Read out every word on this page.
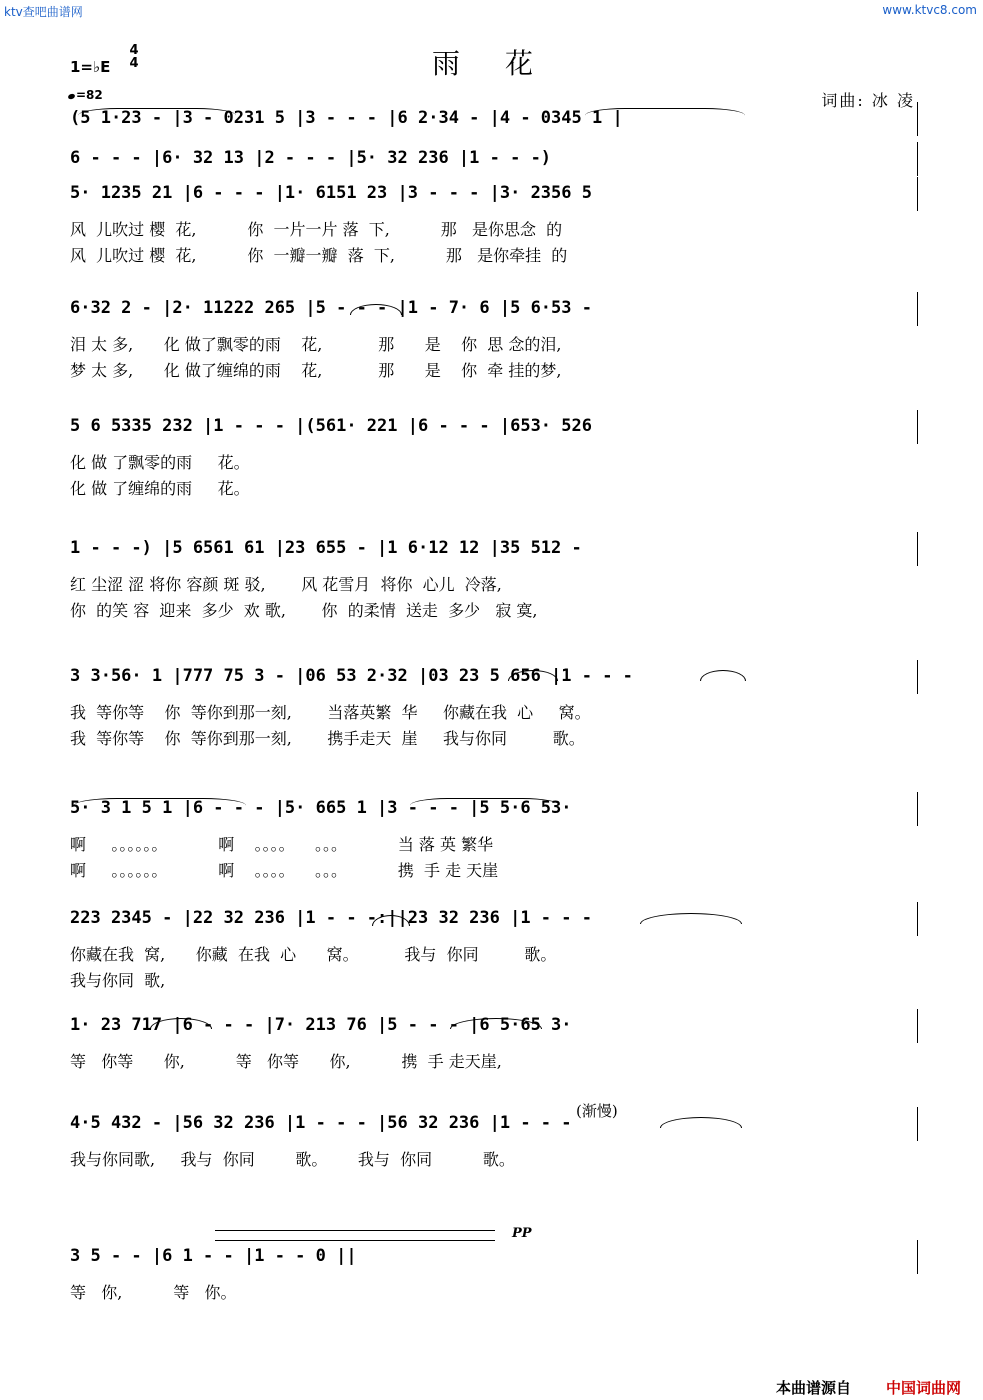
ktv查吧曲谱网	www.ktvc8.com
1=♭E
4
4
=82
雨 花
词曲: 冰 凌
(5 1·23 - |3 - 0231 5 |3 - - - |6 2·34 - |4 - 0345 1 |
6 - - - |6· 32 13 |2 - - - |5· 32 236 |1 - - -)
5· 1235 21 |6 - - - |1· 6151 23 |3 - - - |3· 2356 5
风  儿吹过 樱  花,          你  一片一片 落  下,          那   是你思念  的
风  儿吹过 樱  花,          你  一瓣一瓣  落  下,          那   是你牵挂  的
6·32 2 - |2· 11222 265 |5 - - - |1 - 7· 6 |5 6·53 -
泪 太 多,      化 做了飘零的雨    花,           那      是    你  思 念的泪,
梦 太 多,      化 做了缠绵的雨    花,           那      是    你  牵 挂的梦,
5 6 5335 232 |1 - - - |(561· 221 |6 - - - |653· 526
化 做 了飘零的雨     花。
化 做 了缠绵的雨     花。
1 - - -) |5 6561 61 |23 655 - |1 6·12 12 |35 512 -
红 尘涩 涩 将你 容颜 斑 驳,       风 花雪月  将你  心儿  冷落,
你  的笑 容  迎来  多少  欢 歌,       你  的柔情  送走  多少   寂 寞,
3 3·56· 1 |777 75 3 - |06 53 2·32 |03 23 5 656 |1 - - -
我  等你等    你  等你到那一刻,       当落英繁  华     你藏在我  心     窝。
我  等你等    你  等你到那一刻,       携手走天  崖     我与你同         歌。
5· 3 1 5 1 |6 - - - |5· 665 1 |3 - - - |5 5·6 53·
啊     。。。。。。          啊    。。。。    。。。          当 落 英 繁华
啊     。。。。。。          啊    。。。。    。。。          携  手 走 天崖
223 2345 - |22 32 236 |1 - - -:||23 32 236 |1 - - -
你藏在我  窝,      你藏  在我  心      窝。         我与  你同         歌。
我与你同  歌,
1· 23 717 |6 - - - |7· 213 76 |5 - - - |6 5·65 3·
等   你等      你,          等   你等      你,          携  手 走天崖,
4·5 432 - |56 32 236 |1 - - - |56 32 236 |1 - - -
我与你同歌,     我与  你同        歌。      我与  你同          歌。
3 5 - - |6 1 - - |1 - - 0 ||
等   你,          等   你。
(渐慢)
PP
本曲谱源自 中国词曲网
